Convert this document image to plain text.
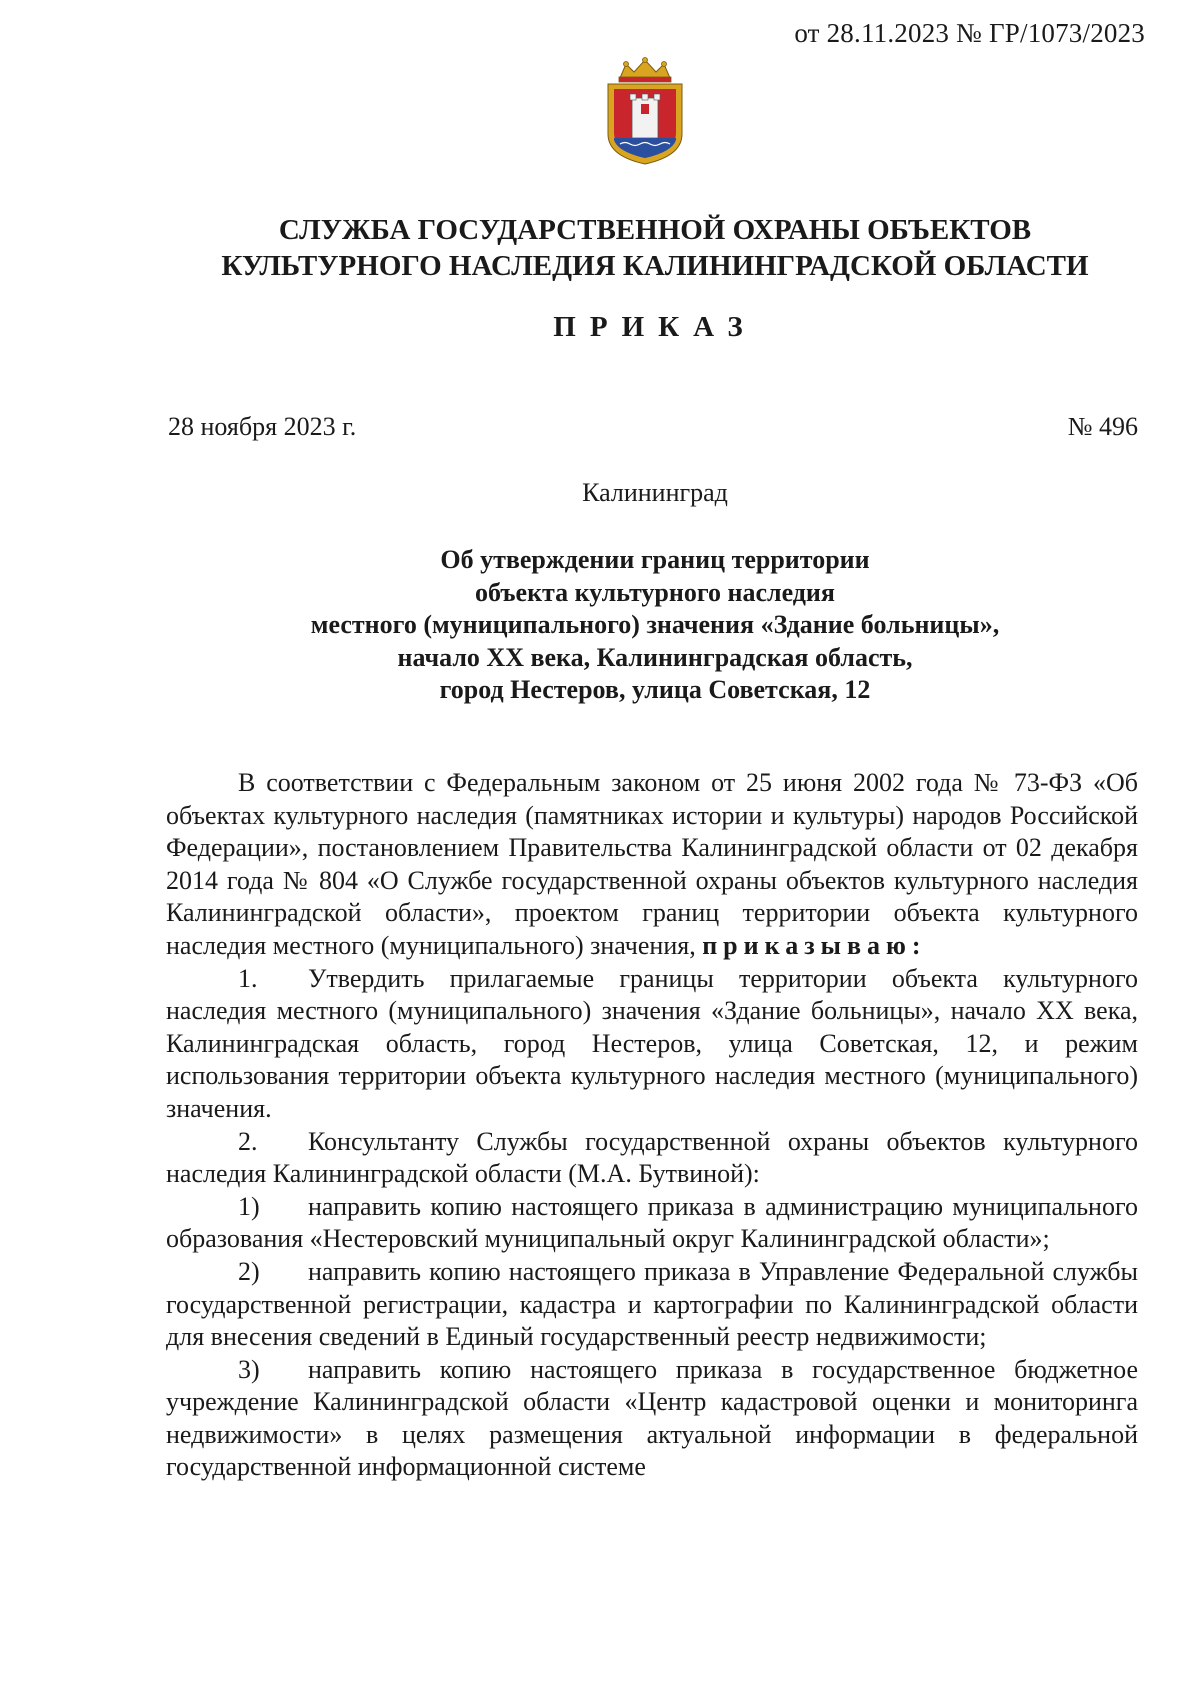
от 28.11.2023 № ГР/1073/2023
СЛУЖБА ГОСУДАРСТВЕННОЙ ОХРАНЫ ОБЪЕКТОВ
КУЛЬТУРНОГО НАСЛЕДИЯ КАЛИНИНГРАДСКОЙ ОБЛАСТИ
ПРИКАЗ
28 ноября 2023 г.	№ 496
Калининград
Об утверждении границ территории
объекта культурного наследия
местного (муниципального) значения «Здание больницы»,
начало XX века, Калининградская область,
город Нестеров, улица Советская, 12

В соответствии с Федеральным законом от 25 июня 2002 года № 73-ФЗ «Об объектах культурного наследия (памятниках истории и культуры) народов Российской Федерации», постановлением Правительства Калининградской области от 02 декабря 2014 года № 804 «О Службе государственной охраны объектов культурного наследия Калининградской области», проектом границ территории объекта культурного наследия местного (муниципального) значения, приказываю:

1. Утвердить прилагаемые границы территории объекта культурного наследия местного (муниципального) значения «Здание больницы», начало XX века, Калининградская область, город Нестеров, улица Советская, 12, и режим использования территории объекта культурного наследия местного (муниципального) значения.

2. Консультанту Службы государственной охраны объектов культурного наследия Калининградской области (М.А. Бутвиной):

1) направить копию настоящего приказа в администрацию муниципального образования «Нестеровский муниципальный округ Калининградской области»;

2) направить копию настоящего приказа в Управление Федеральной службы государственной регистрации, кадастра и картографии по Калининградской области для внесения сведений в Единый государственный реестр недвижимости;

3) направить копию настоящего приказа в государственное бюджетное учреждение Калининградской области «Центр кадастровой оценки и мониторинга недвижимости» в целях размещения актуальной информации в федеральной государственной информационной системе
